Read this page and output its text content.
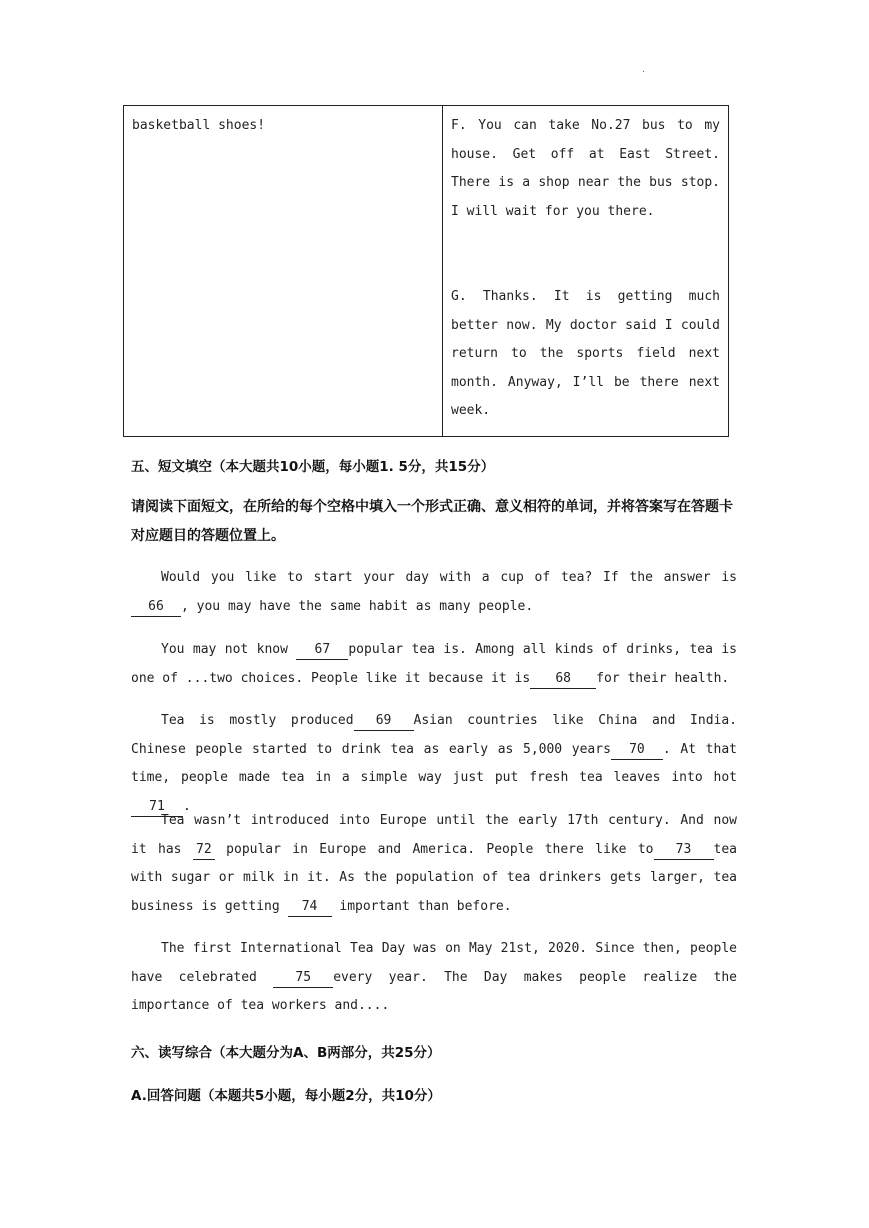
.
basketball shoes!	F. You can take No.27 bus to my house. Get off at East Street. There is a shop near the bus stop. I will wait for you there.
G. Thanks. It is getting much better now. My doctor said I could return to the sports field next month. Anyway, I’ll be there next week.
五、短文填空（本大题共10小题，每小题1. 5分，共15分）
请阅读下面短文，在所给的每个空格中填入一个形式正确、意义相符的单词，并将答案写在答题卡对应题目的答题位置上。
Would you like to start your day with a cup of tea? If the answer is66 , you may have the same habit as many people.
You may not know 67 popular tea is. Among all kinds of drinks, tea is one of ...two choices. People like it because it is 68 for their health.
Tea is mostly produced 69 Asian countries like China and India. Chinese people started to drink tea as early as 5,000 years 70 . At that time, people made tea in a simple way just put fresh tea leaves into hot71 .
Tea wasn’t introduced into Europe until the early 17th century. And now it has 72 popular in Europe and America. People there like to 73 tea with sugar or milk in it. As the population of tea drinkers gets larger, tea business is getting 74 important than before.
The first International Tea Day was on May 21st, 2020. Since then, people have celebrated 75 every year. The Day makes people realize the importance of tea workers and....
六、读写综合（本大题分为A、B两部分，共25分）
A.回答问题（本题共5小题，每小题2分，共10分）
